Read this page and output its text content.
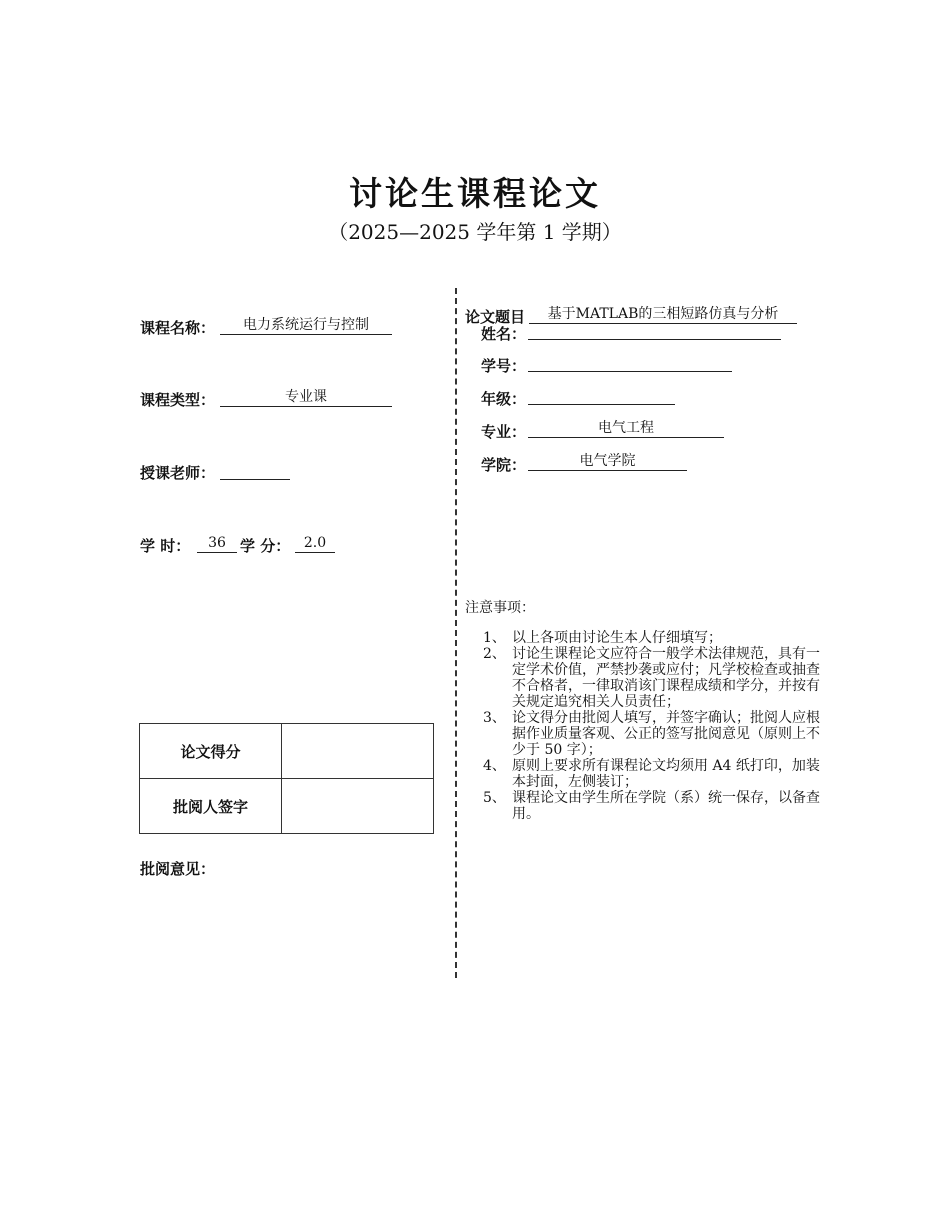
讨论生课程论文
（2025—2025 学年第 1 学期）
课程名称：	电力系统运行与控制
课程类型：	专业课
授课老师：
学 时：	36 学 分： 2.0
论文得分	
批阅人签字	
批阅意见：
论文题目	基于MATLAB的三相短路仿真与分析
姓名：
学号：
年级：
专业：	电气工程
学院：	电气学院
注意事项：
1、 以上各项由讨论生本人仔细填写；
2、 讨论生课程论文应符合一般学术法律规范，具有一定学术价值，严禁抄袭或应付；凡学校检查或抽查不合格者，一律取消该门课程成绩和学分，并按有关规定追究相关人员责任；
3、 论文得分由批阅人填写，并签字确认；批阅人应根据作业质量客观、公正的签写批阅意见（原则上不少于 50 字）；
4、 原则上要求所有课程论文均须用 A4 纸打印，加装本封面，左侧装订；
5、 课程论文由学生所在学院（系）统一保存，以备查用。
